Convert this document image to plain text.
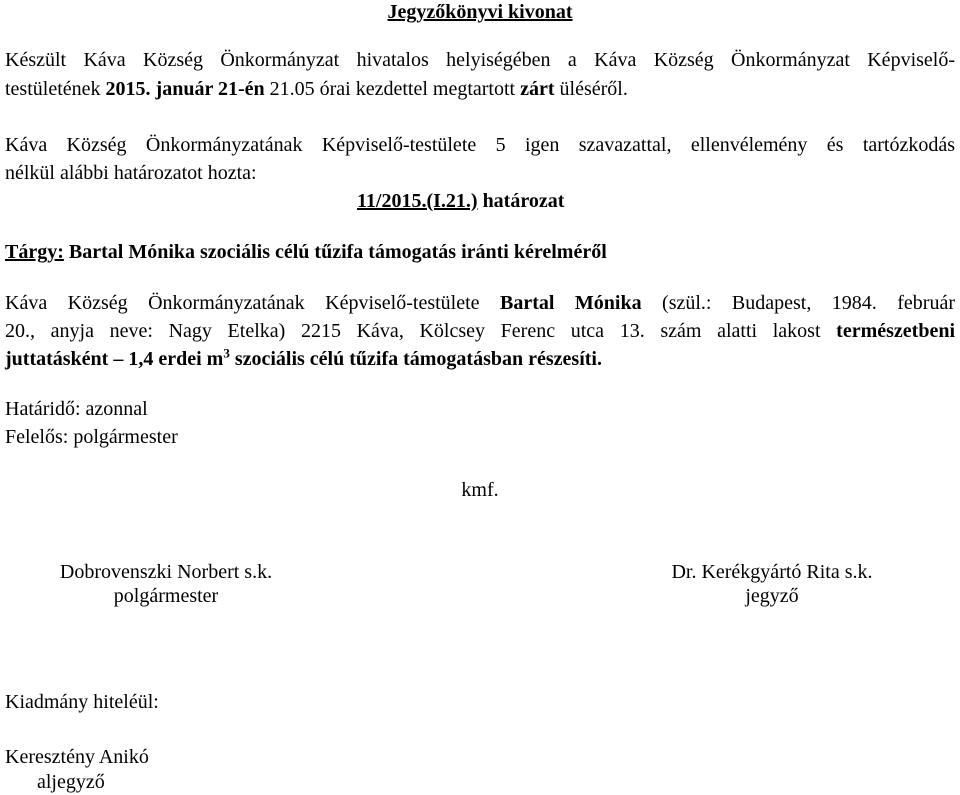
Jegyzőkönyvi kivonat
Készült Káva Község Önkormányzat hivatalos helyiségében a Káva Község Önkormányzat Képviselő-
testületének 2015. január 21-én 21.05 órai kezdettel megtartott zárt üléséről.
Káva Község Önkormányzatának Képviselő-testülete 5 igen szavazattal, ellenvélemény és tartózkodás
nélkül alábbi határozatot hozta:
11/2015.(I.21.) határozat
Tárgy: Bartal Mónika szociális célú tűzifa támogatás iránti kérelméről
Káva Község Önkormányzatának Képviselő-testülete Bartal Mónika (szül.: Budapest, 1984. február
20., anyja neve: Nagy Etelka) 2215 Káva, Kölcsey Ferenc utca 13. szám alatti lakost természetbeni
juttatásként – 1,4 erdei $m^3$ szociális célú tűzifa támogatásban részesíti.
Határidő: azonnal
Felelős: polgármester
kmf.
Dobrovenszki Norbert s.k.
polgármester
Dr. Kerékgyártó Rita s.k.
jegyző
Kiadmány hiteléül:
Keresztény Anikó
aljegyző
